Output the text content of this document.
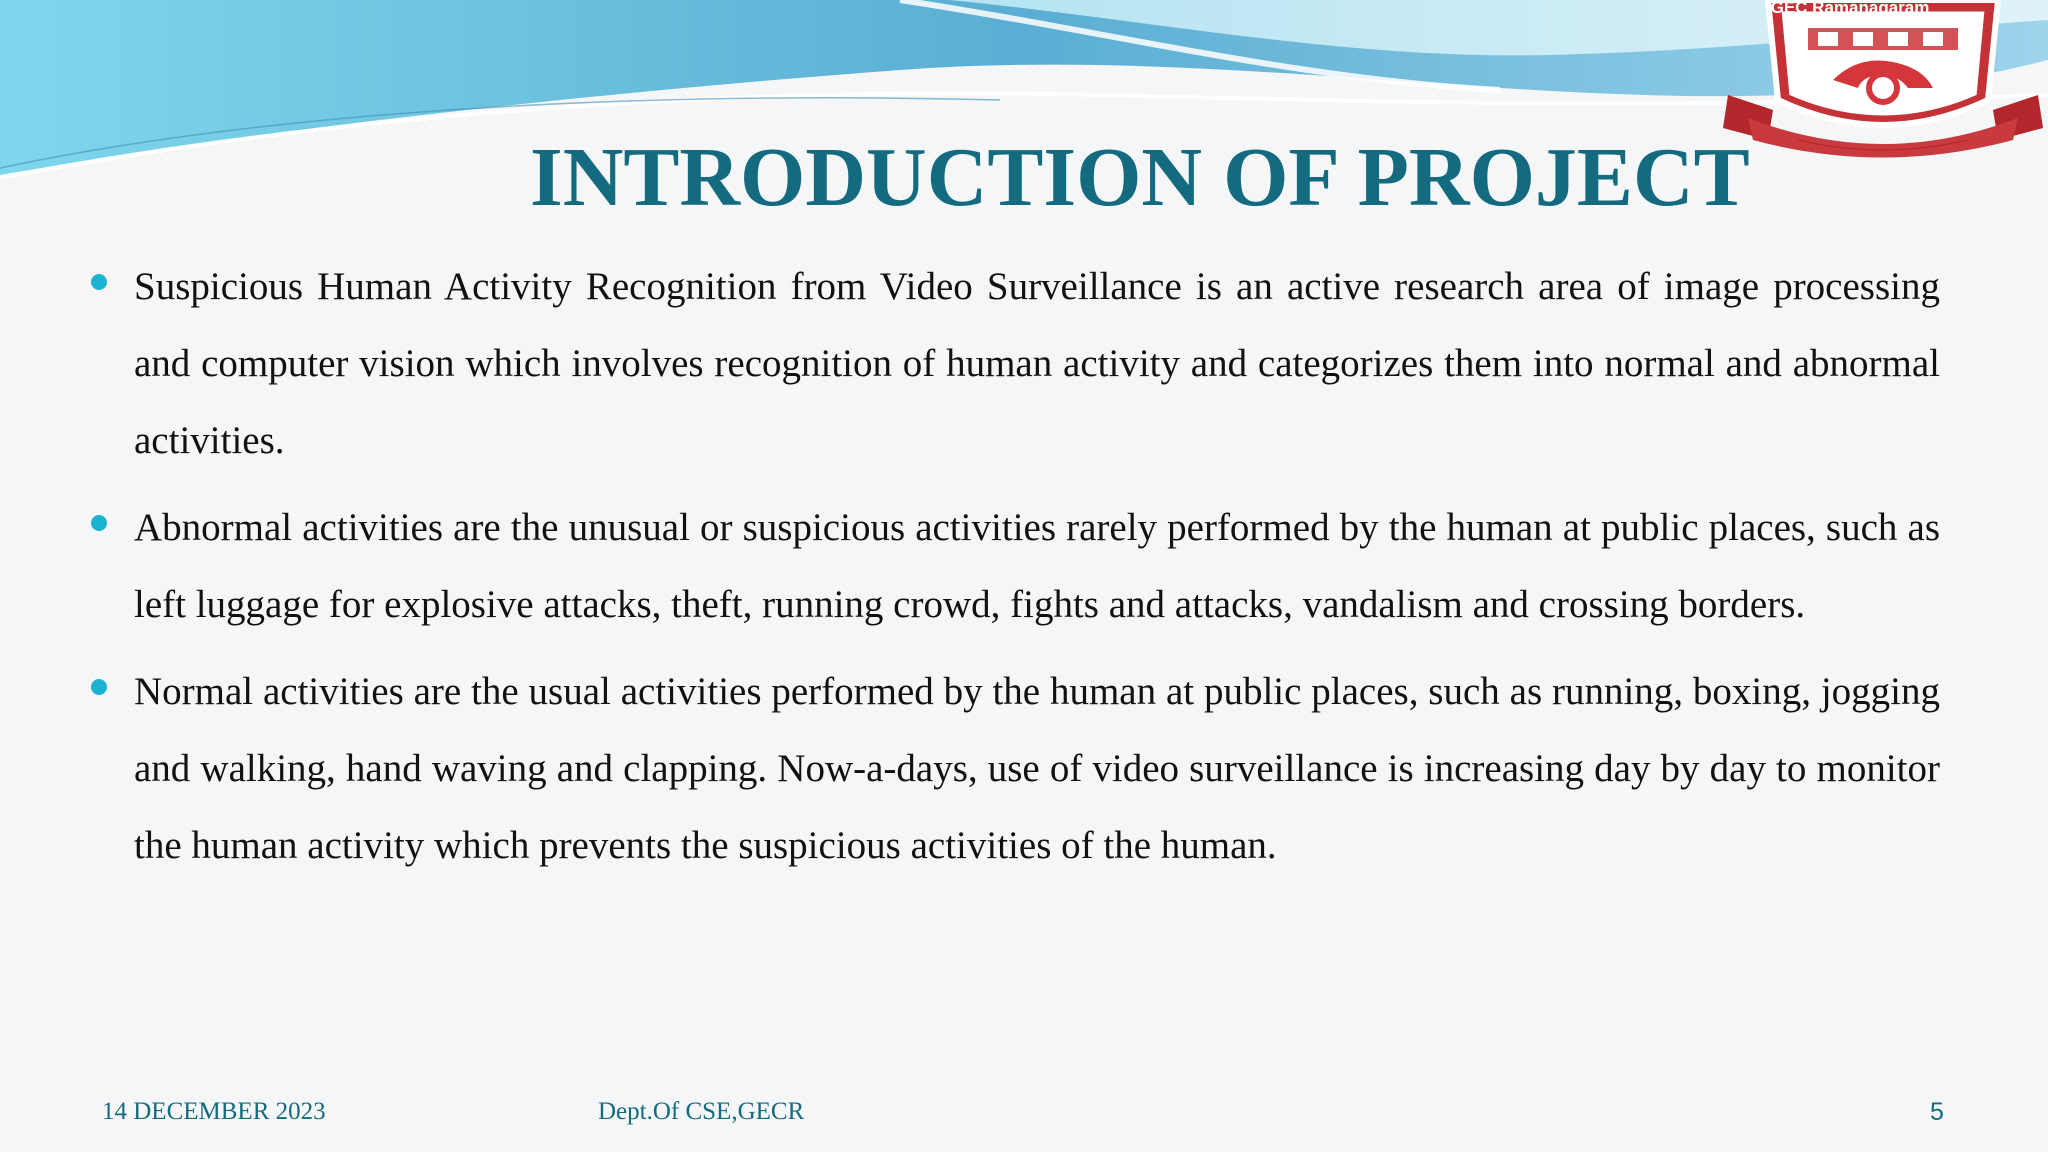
GEC Ramanagaram
INTRODUCTION OF PROJECT
Suspicious Human Activity Recognition from Video Surveillance is an active research area of image processing and computer vision which involves recognition of human activity and categorizes them into normal and abnormal activities.
Abnormal activities are the unusual or suspicious activities rarely performed by the human at public places, such as left luggage for explosive attacks, theft, running crowd, fights and attacks, vandalism and crossing borders.
Normal activities are the usual activities performed by the human at public places, such as running, boxing, jogging and walking, hand waving and clapping. Now-a-days, use of video surveillance is increasing day by day to monitor the human activity which prevents the suspicious activities of the human.
14 DECEMBER 2023	Dept.Of CSE,GECR	5
